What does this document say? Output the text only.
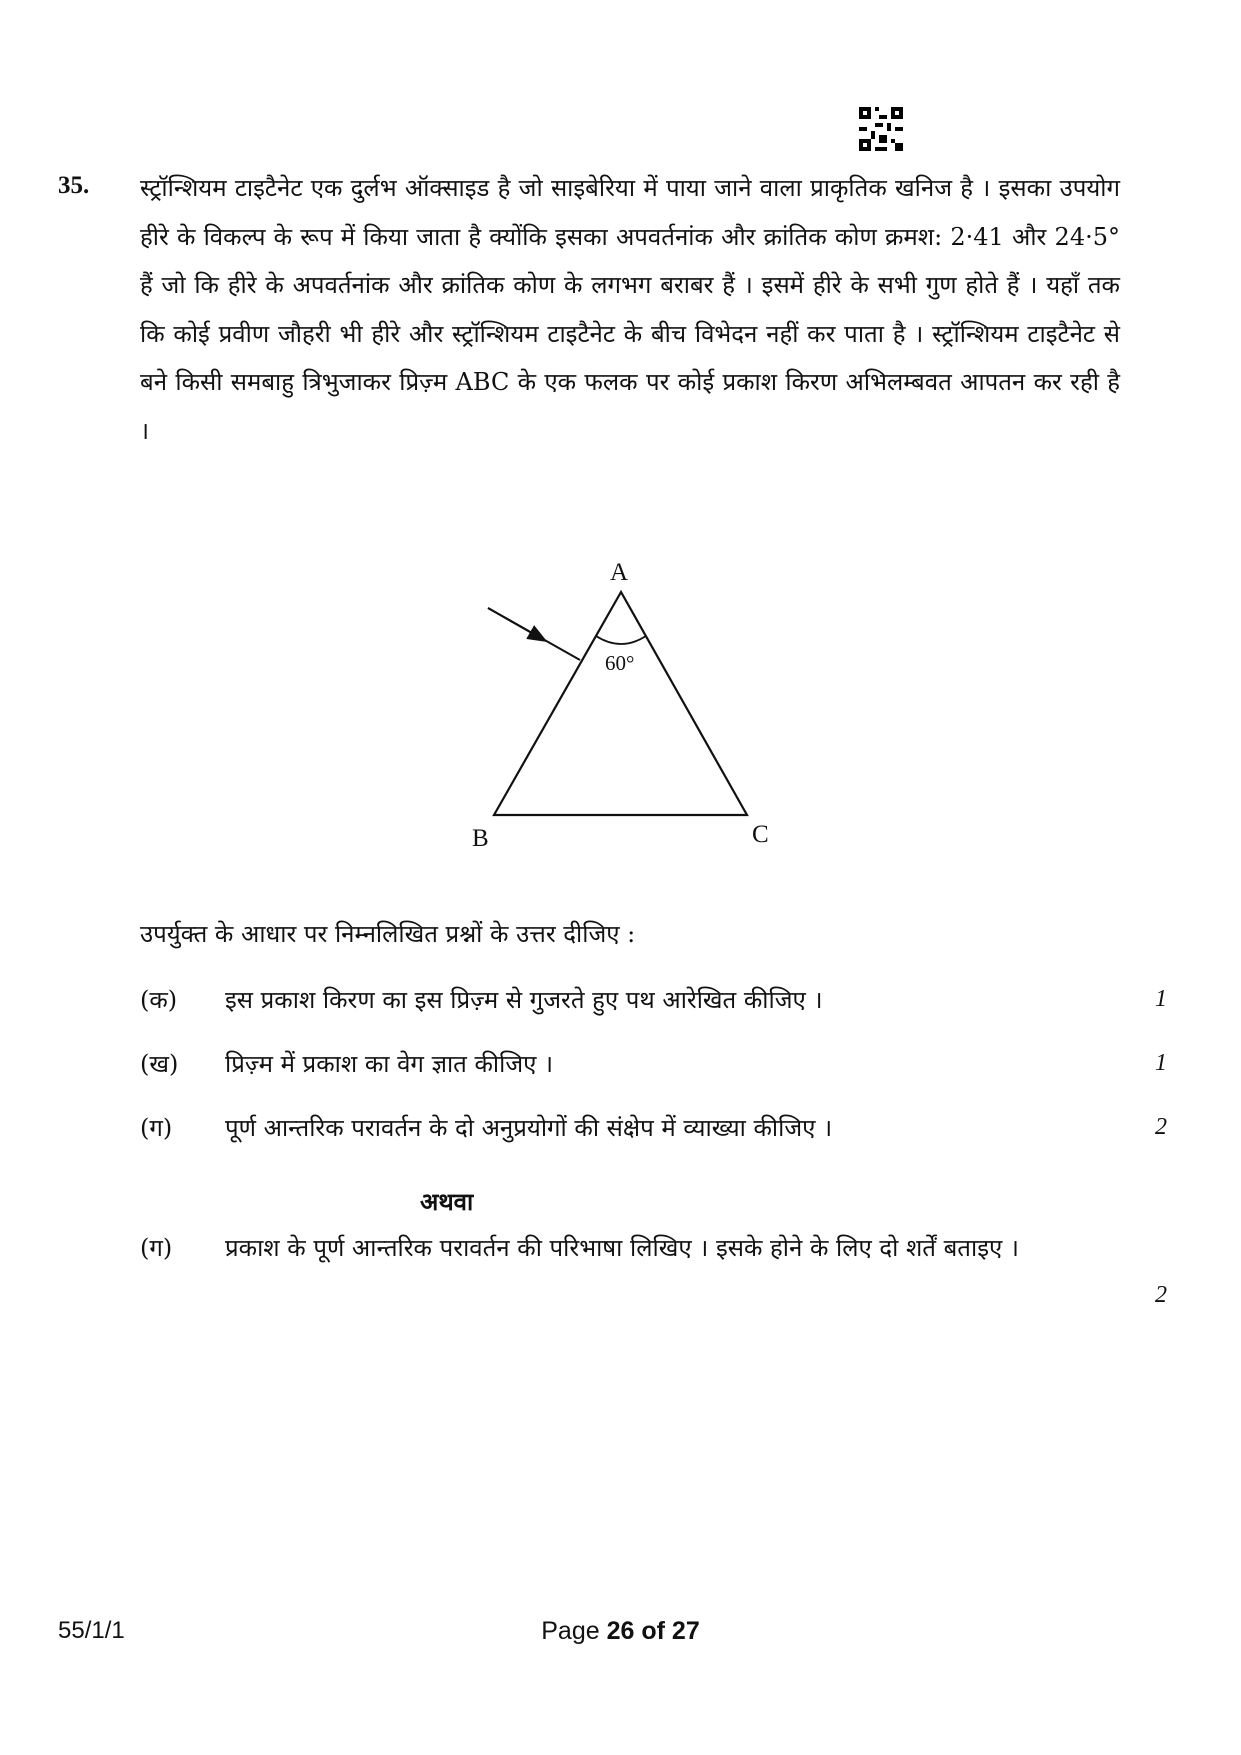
35. स्ट्रॉन्शियम टाइटैनेट एक दुर्लभ ऑक्साइड है जो साइबेरिया में पाया जाने वाला प्राकृतिक खनिज है । इसका उपयोग हीरे के विकल्प के रूप में किया जाता है क्योंकि इसका अपवर्तनांक और क्रांतिक कोण क्रमश: 2·41 और 24·5° हैं जो कि हीरे के अपवर्तनांक और क्रांतिक कोण के लगभग बराबर हैं । इसमें हीरे के सभी गुण होते हैं । यहाँ तक कि कोई प्रवीण जौहरी भी हीरे और स्ट्रॉन्शियम टाइटैनेट के बीच विभेदन नहीं कर पाता है । स्ट्रॉन्शियम टाइटैनेट से बने किसी समबाहु त्रिभुजाकर प्रिज़्म ABC के एक फलक पर कोई प्रकाश किरण अभिलम्बवत आपतन कर रही है ।
A
B	C
60°
उपर्युक्त के आधार पर निम्नलिखित प्रश्नों के उत्तर दीजिए :
(क)	इस प्रकाश किरण का इस प्रिज़्म से गुजरते हुए पथ आरेखित कीजिए ।	1
(ख)	प्रिज़्म में प्रकाश का वेग ज्ञात कीजिए ।	1
(ग)	पूर्ण आन्तरिक परावर्तन के दो अनुप्रयोगों की संक्षेप में व्याख्या कीजिए ।	2
अथवा
(ग)	प्रकाश के पूर्ण आन्तरिक परावर्तन की परिभाषा लिखिए । इसके होने के लिए दो शर्तें बताइए ।
2
55/1/1	Page 26 of 27
